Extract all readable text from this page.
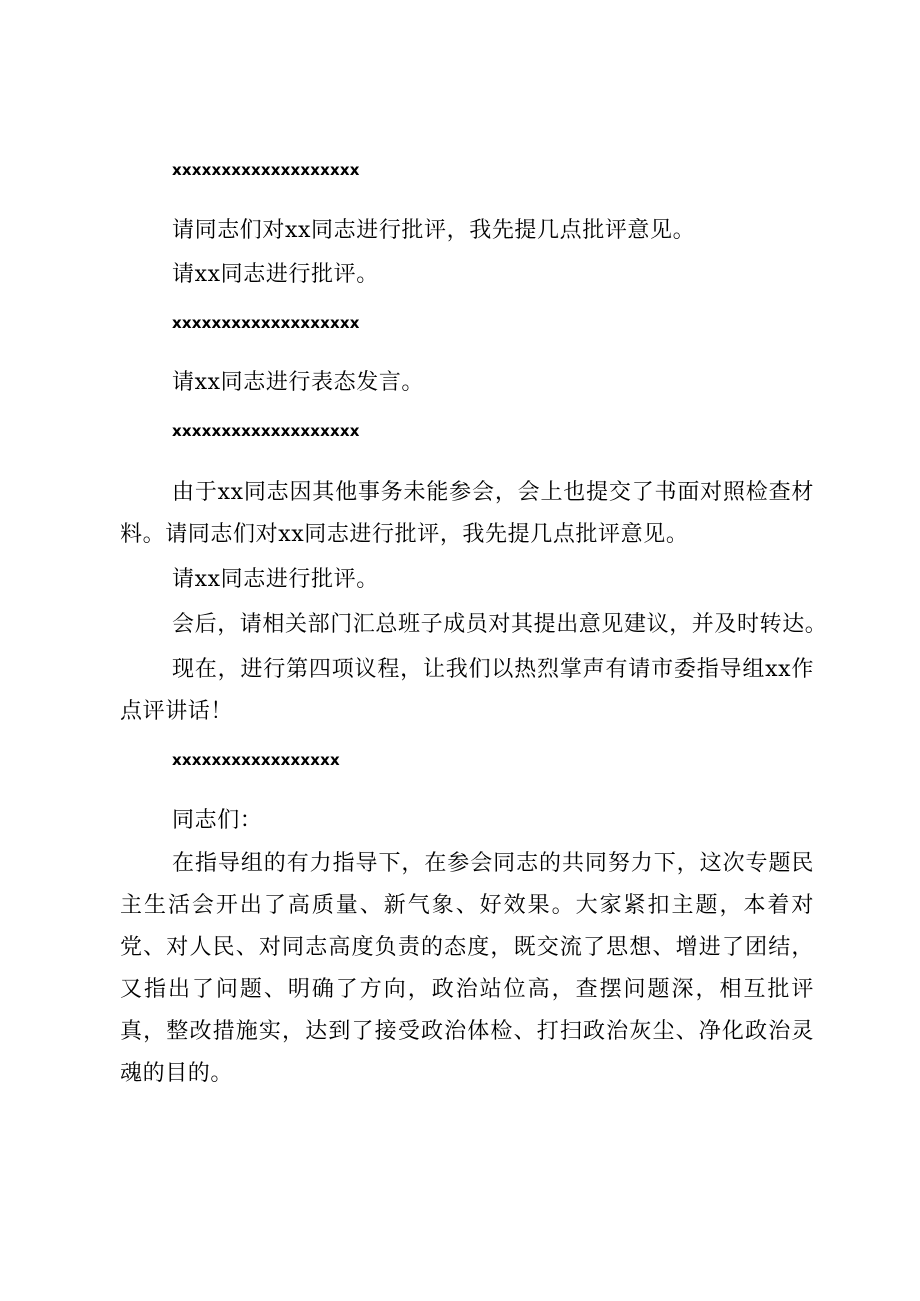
xxxxxxxxxxxxxxxxxxx

请同志们对xx同志进行批评，我先提几点批评意见。

请xx同志进行批评。

xxxxxxxxxxxxxxxxxxx

请xx同志进行表态发言。

xxxxxxxxxxxxxxxxxxx

由于xx同志因其他事务未能参会，会上也提交了书面对照检查材料。请同志们对xx同志进行批评，我先提几点批评意见。

请xx同志进行批评。

会后，请相关部门汇总班子成员对其提出意见建议，并及时转达。

现在，进行第四项议程，让我们以热烈掌声有请市委指导组xx作点评讲话！

xxxxxxxxxxxxxxxxx

同志们：

在指导组的有力指导下，在参会同志的共同努力下，这次专题民主生活会开出了高质量、新气象、好效果。大家紧扣主题，本着对党、对人民、对同志高度负责的态度，既交流了思想、增进了团结，又指出了问题、明确了方向，政治站位高，查摆问题深，相互批评真，整改措施实，达到了接受政治体检、打扫政治灰尘、净化政治灵魂的目的。
